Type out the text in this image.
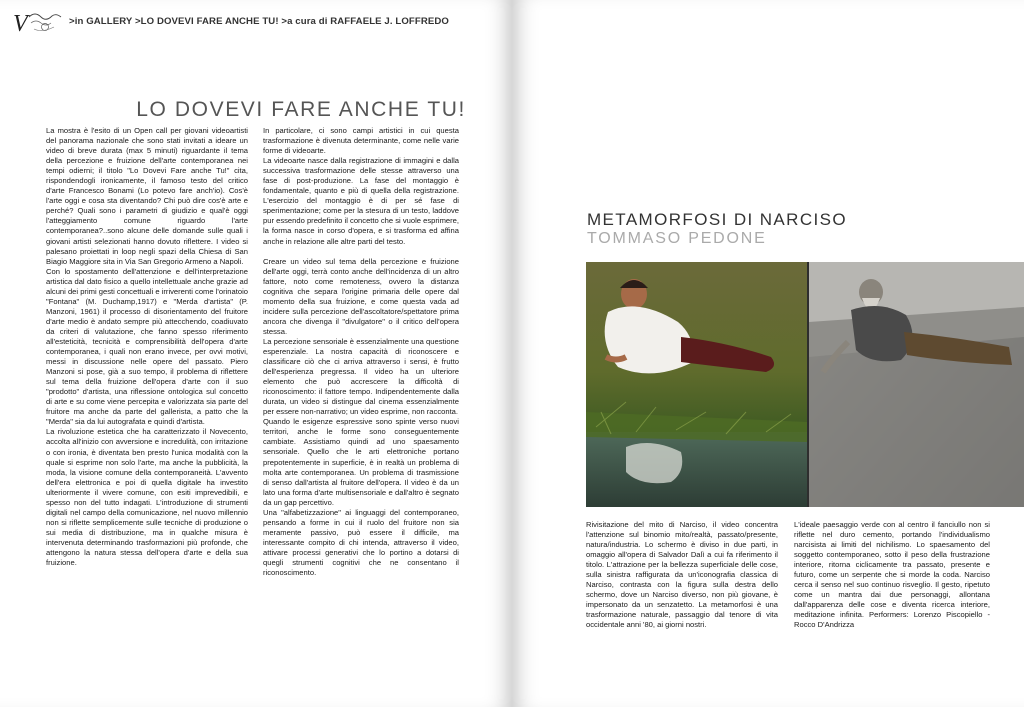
V	>in GALLERY >LO DOVEVI FARE ANCHE TU! >a cura di RAFFAELE J. LOFFREDO
LO DOVEVI FARE ANCHE TU!

La mostra è l'esito di un Open call per giovani videoartisti del panorama nazionale che sono stati invitati a ideare un video di breve durata (max 5 minuti) riguardante il tema della percezione e fruizione dell'arte contemporanea nei tempi odierni; il titolo "Lo Dovevi Fare anche Tu!" cita, rispondendogli ironicamente, il famoso testo del critico d'arte Francesco Bonami (Lo potevo fare anch'io). Cos'è l'arte oggi e cosa sta diventando? Chi può dire cos'è arte e perché? Quali sono i parametri di giudizio e qual'è oggi l'atteggiamento comune riguardo l'arte contemporanea?..sono alcune delle domande sulle quali i giovani artisti selezionati hanno dovuto riflettere. I video si palesano proiettati in loop negli spazi della Chiesa di San Biagio Maggiore sita in Via San Gregorio Armeno a Napoli.

Con lo spostamento dell'attenzione e dell'interpretazione artistica dal dato fisico a quello intellettuale anche grazie ad alcuni dei primi gesti concettuali e irriverenti come l'orinatoio "Fontana" (M. Duchamp,1917) e "Merda d'artista" (P. Manzoni, 1961) il processo di disorientamento del fruitore d'arte medio è andato sempre più attecchendo, coadiuvato da criteri di valutazione, che fanno spesso riferimento all'esteticità, tecnicità e comprensibilità dell'opera d'arte contemporanea, i quali non erano invece, per ovvi motivi, messi in discussione nelle opere del passato. Piero Manzoni si pose, già a suo tempo, il problema di riflettere sul tema della fruizione dell'opera d'arte con il suo "prodotto" d'artista, una riflessione ontologica sul concetto di arte e su come viene percepita e valorizzata sia parte del fruitore ma anche da parte del gallerista, a patto che la "Merda" sia da lui autografata e quindi d'artista.

La rivoluzione estetica che ha caratterizzato il Novecento, accolta all'inizio con avversione e incredulità, con irritazione o con ironia, è diventata ben presto l'unica modalità con la quale si esprime non solo l'arte, ma anche la pubblicità, la moda, la visione comune della contemporaneità. L'avvento dell'era elettronica e poi di quella digitale ha investito ulteriormente il vivere comune, con esiti imprevedibili, e spesso non del tutto indagati. L'introduzione di strumenti digitali nel campo della comunicazione, nel nuovo millennio non si riflette semplicemente sulle tecniche di produzione o sui media di distribuzione, ma in qualche misura è intervenuta determinando trasformazioni più profonde, che attengono la natura stessa dell'opera d'arte e della sua fruizione.

In particolare, ci sono campi artistici in cui questa trasformazione è divenuta determinante, come nelle varie forme di videoarte.

La videoarte nasce dalla registrazione di immagini e dalla successiva trasformazione delle stesse attraverso una fase di post-produzione. La fase del montaggio è fondamentale, quanto e più di quella della registrazione. L'esercizio del montaggio è di per sé fase di sperimentazione; come per la stesura di un testo, laddove pur essendo predefinito il concetto che si vuole esprimere, la forma nasce in corso d'opera, e si trasforma ed affina anche in relazione alle altre parti del testo.

Creare un video sul tema della percezione e fruizione dell'arte oggi, terrà conto anche dell'incidenza di un altro fattore, noto come remoteness, ovvero la distanza cognitiva che separa l'origine primaria delle opere dal momento della sua fruizione, e come questa vada ad incidere sulla percezione dell'ascoltatore/spettatore prima ancora che divenga il "divulgatore" o il critico dell'opera stessa.

La percezione sensoriale è essenzialmente una questione esperenziale. La nostra capacità di riconoscere e classificare ciò che ci arriva attraverso i sensi, è frutto dell'esperienza pregressa. Il video ha un ulteriore elemento che può accrescere la difficoltà di riconoscimento: il fattore tempo. Indipendentemente dalla durata, un video si distingue dal cinema essenzialmente per essere non-narrativo; un video esprime, non racconta.

Quando le esigenze espressive sono spinte verso nuovi territori, anche le forme sono conseguentemente cambiate. Assistiamo quindi ad uno spaesamento sensoriale. Quello che le arti elettroniche portano prepotentemente in superficie, è in realtà un problema di molta arte contemporanea. Un problema di trasmissione di senso dall'artista al fruitore dell'opera. Il video è da un lato una forma d'arte multisensoriale e dall'altro è segnato da un gap percettivo.

Una "alfabetizzazione" ai linguaggi del contemporaneo, pensando a forme in cui il ruolo del fruitore non sia meramente passivo, può essere il difficile, ma interessante compito di chi intenda, attraverso il video, attivare processi generativi che lo portino a dotarsi di quegli strumenti cognitivi che ne consentano il riconoscimento.

METAMORFOSI DI NARCISO
TOMMASO PEDONE

Rivisitazione del mito di Narciso, il video concentra l'attenzione sul binomio mito/realtà, passato/presente, natura/industria. Lo schermo è diviso in due parti, in omaggio all'opera di Salvador Dalì a cui fa riferimento il titolo. L'attrazione per la bellezza superficiale delle cose, sulla sinistra raffigurata da un'iconografia classica di Narciso, contrasta con la figura sulla destra dello schermo, dove un Narciso diverso, non più giovane, è impersonato da un senzatetto. La metamorfosi è una trasformazione naturale, passaggio dal tenore di vita occidentale anni '80, ai giorni nostri.

L'ideale paesaggio verde con al centro il fanciullo non si riflette nel duro cemento, portando l'individualismo narcisista ai limiti del nichilismo. Lo spaesamento del soggetto contemporaneo, sotto il peso della frustrazione interiore, ritorna ciclicamente tra passato, presente e futuro, come un serpente che si morde la coda. Narciso cerca il senso nel suo continuo risveglio. Il gesto, ripetuto come un mantra dai due personaggi, allontana dall'apparenza delle cose e diventa ricerca interiore, meditazione infinita. Performers: Lorenzo Piscopiello - Rocco D'Andrizza
